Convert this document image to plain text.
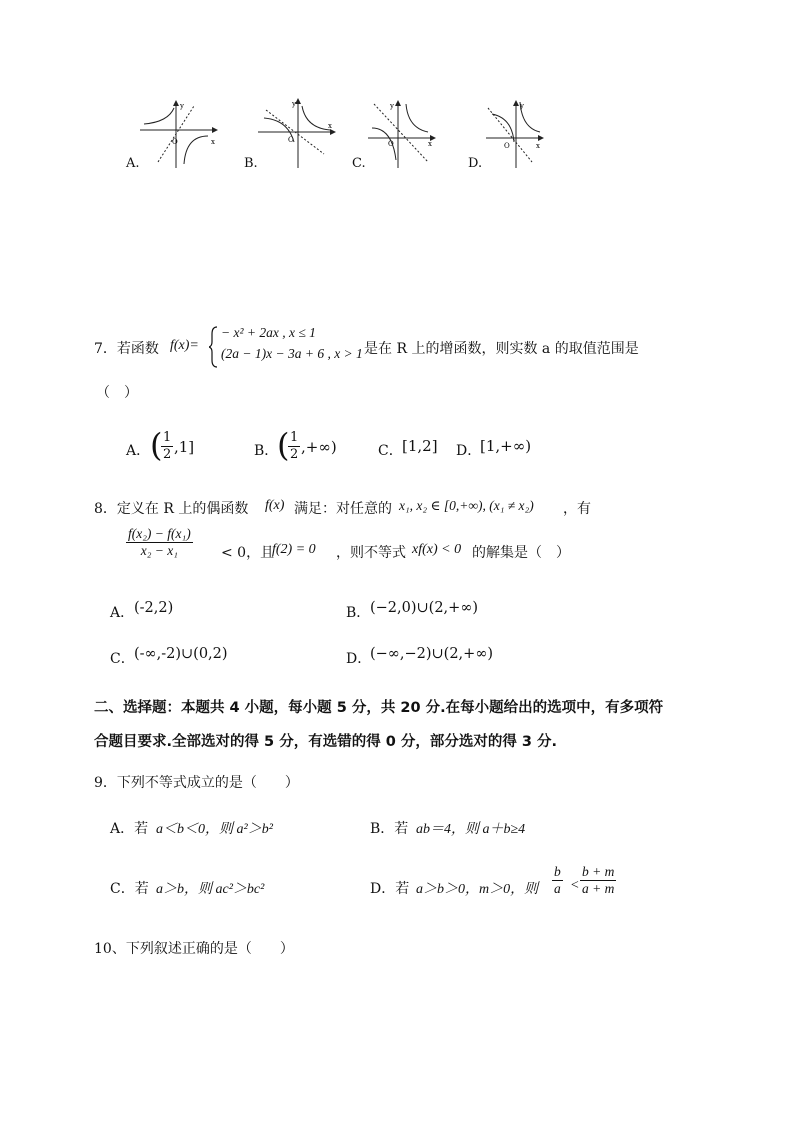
y
x
O
A.
y
x
O
B.
y
x
O
C.
y
x
O
D.
7．若函数 f(x)=
− x² + 2ax , x ≤ 1
(2a − 1)x − 3a + 6 , x > 1 是在 R 上的增函数，则实数 a 的取值范围是
（　）
A． (
$\frac{1}{2} ,1$]	B．
(
$\frac{1}{2}$ ,+∞)	C． [1,2] D．
[1,+∞)
8．定义在 R 上的偶函数 f(x) 满足：对任意的 x₁, x₂ ∈ [0,+∞), (x₁ ≠ x₂) ，有
$\frac{\text{f(x₂) − f(x₁)}}{\text{x₂ − x₁}} < 0$，且
f(2) = 0 ，则不等式 xf(x) < 0 的解集是（　）
A． (-2,2)	B． (−2,0)∪(2,+∞)
C． (-∞,-2)∪(0,2)	D．
(−∞,−2)∪(2,+∞)
二、选择题：本题共 4 小题，每小题 5 分，共 20 分.在每小题给出的选项中，有多项符
合题目要求.全部选对的得 5 分，有选错的得 0 分，部分选对的得 3 分.
9．下列不等式成立的是（　　）
A．若 a＜b＜0，则 a²＞b²	B．若 ab＝4，则 a＋b≥4
C．若 a＞b，则 ac²＞bc²	D．若 a＞b＞0，m＞0，则 $\frac{b}{a} < \frac{b + m}{a + m}$
10、下列叙述正确的是（　　）
